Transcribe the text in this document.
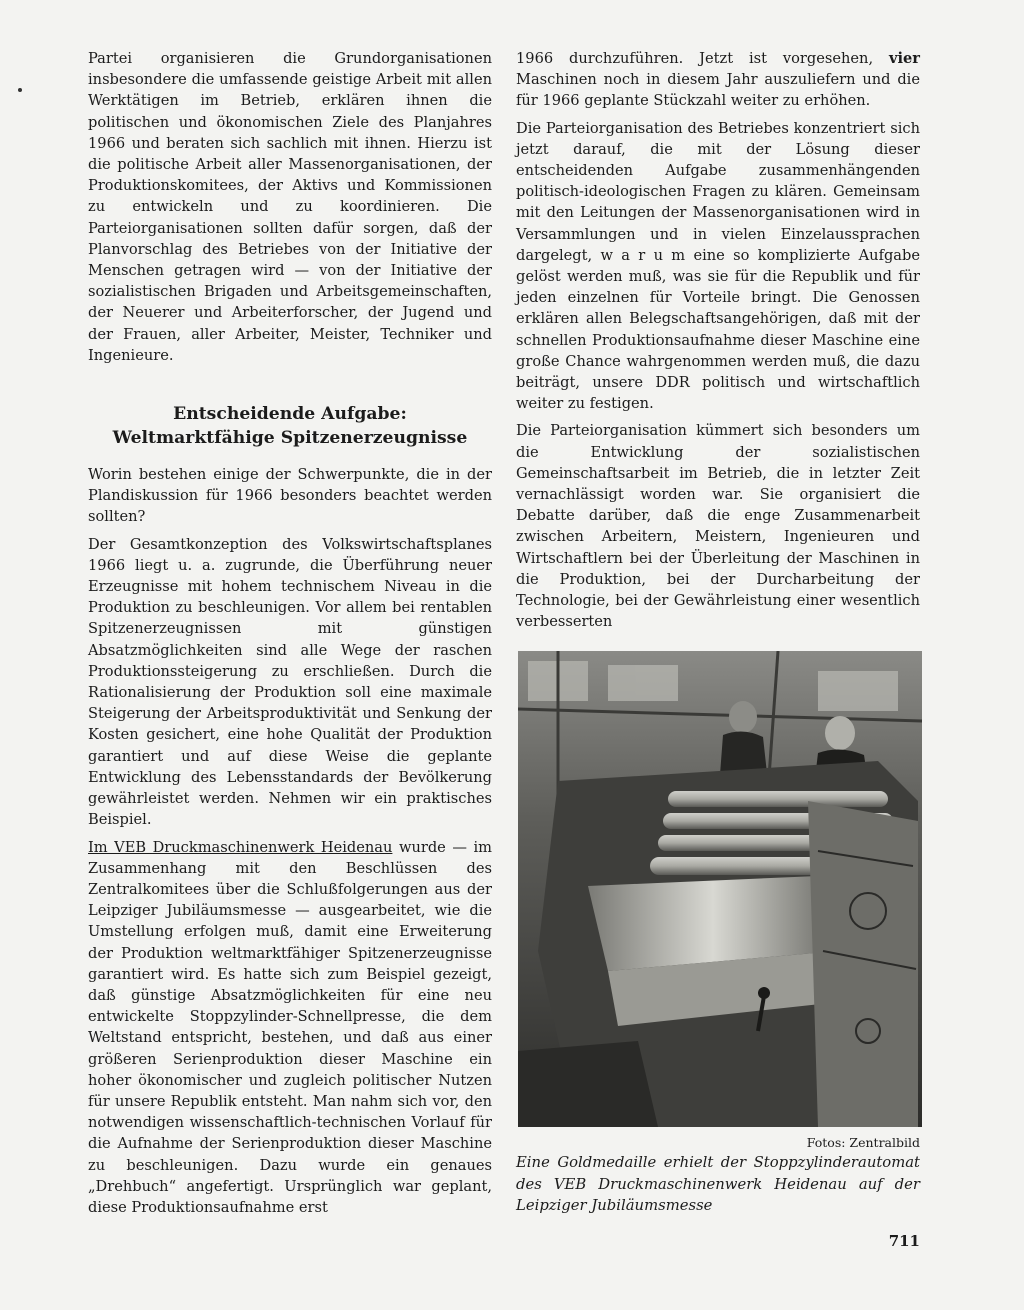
Partei organisieren die Grundorganisationen insbesondere die umfassende geistige Arbeit mit allen Werktätigen im Betrieb, erklären ihnen die politischen und ökonomischen Ziele des Planjahres 1966 und beraten sich sachlich mit ihnen. Hierzu ist die politische Arbeit aller Massenorganisationen, der Produktionskomitees, der Aktivs und Kommissionen zu entwickeln und zu koordinieren. Die Parteiorganisationen sollten dafür sorgen, daß der Planvorschlag des Betriebes von der Initiative der Menschen getragen wird — von der Initiative der sozialistischen Brigaden und Arbeitsgemeinschaften, der Neuerer und Arbeiterforscher, der Jugend und der Frauen, aller Arbeiter, Meister, Techniker und Ingenieure.

Entscheidende Aufgabe:
Weltmarktfähige Spitzenerzeugnisse

Worin bestehen einige der Schwerpunkte, die in der Plandiskussion für 1966 besonders beachtet werden sollten?

Der Gesamtkonzeption des Volkswirtschaftsplanes 1966 liegt u. a. zugrunde, die Überführung neuer Erzeugnisse mit hohem technischem Niveau in die Produktion zu beschleunigen. Vor allem bei rentablen Spitzenerzeugnissen mit günstigen Absatzmöglichkeiten sind alle Wege der raschen Produktionssteigerung zu erschließen. Durch die Rationalisierung der Produktion soll eine maximale Steigerung der Arbeitsproduktivität und Senkung der Kosten gesichert, eine hohe Qualität der Produktion garantiert und auf diese Weise die geplante Entwicklung des Lebensstandards der Bevölkerung gewährleistet werden. Nehmen wir ein praktisches Beispiel.

Im VEB Druckmaschinenwerk Heidenau wurde — im Zusammenhang mit den Beschlüssen des Zentralkomitees über die Schlußfolgerungen aus der Leipziger Jubiläumsmesse — ausgearbeitet, wie die Umstellung erfolgen muß, damit eine Erweiterung der Produktion weltmarktfähiger Spitzenerzeugnisse garantiert wird. Es hatte sich zum Beispiel gezeigt, daß günstige Absatzmöglichkeiten für eine neu entwickelte Stoppzylinder-Schnellpresse, die dem Weltstand entspricht, bestehen, und daß aus einer größeren Serienproduktion dieser Maschine ein hoher ökonomischer und zugleich politischer Nutzen für unsere Republik entsteht. Man nahm sich vor, den notwendigen wissenschaftlich-technischen Vorlauf für die Aufnahme der Serienproduktion dieser Maschine zu beschleunigen. Dazu wurde ein genaues „Drehbuch“ angefertigt. Ursprünglich war geplant, diese Produktionsaufnahme erst

1966 durchzuführen. Jetzt ist vorgesehen, vier Maschinen noch in diesem Jahr auszuliefern und die für 1966 geplante Stückzahl weiter zu erhöhen.

Die Parteiorganisation des Betriebes konzentriert sich jetzt darauf, die mit der Lösung dieser entscheidenden Aufgabe zusammenhängenden politisch-ideologischen Fragen zu klären. Gemeinsam mit den Leitungen der Massenorganisationen wird in Versammlungen und in vielen Einzelaussprachen dargelegt, w a r u m eine so komplizierte Aufgabe gelöst werden muß, was sie für die Republik und für jeden einzelnen für Vorteile bringt. Die Genossen erklären allen Belegschaftsangehörigen, daß mit der schnellen Produktionsaufnahme dieser Maschine eine große Chance wahrgenommen werden muß, die dazu beiträgt, unsere DDR politisch und wirtschaftlich weiter zu festigen.

Die Parteiorganisation kümmert sich besonders um die Entwicklung der sozialistischen Gemeinschaftsarbeit im Betrieb, die in letzter Zeit vernachlässigt worden war. Sie organisiert die Debatte darüber, daß die enge Zusammenarbeit zwischen Arbeitern, Meistern, Ingenieuren und Wirtschaftlern bei der Überleitung der Maschinen in die Produktion, bei der Durcharbeitung der Technologie, bei der Gewährleistung einer wesentlich verbesserten

Fotos: Zentralbild
Eine Goldmedaille erhielt der Stoppzylinderautomat des VEB Druckmaschinenwerk Heidenau auf der Leipziger Jubiläumsmesse
711
